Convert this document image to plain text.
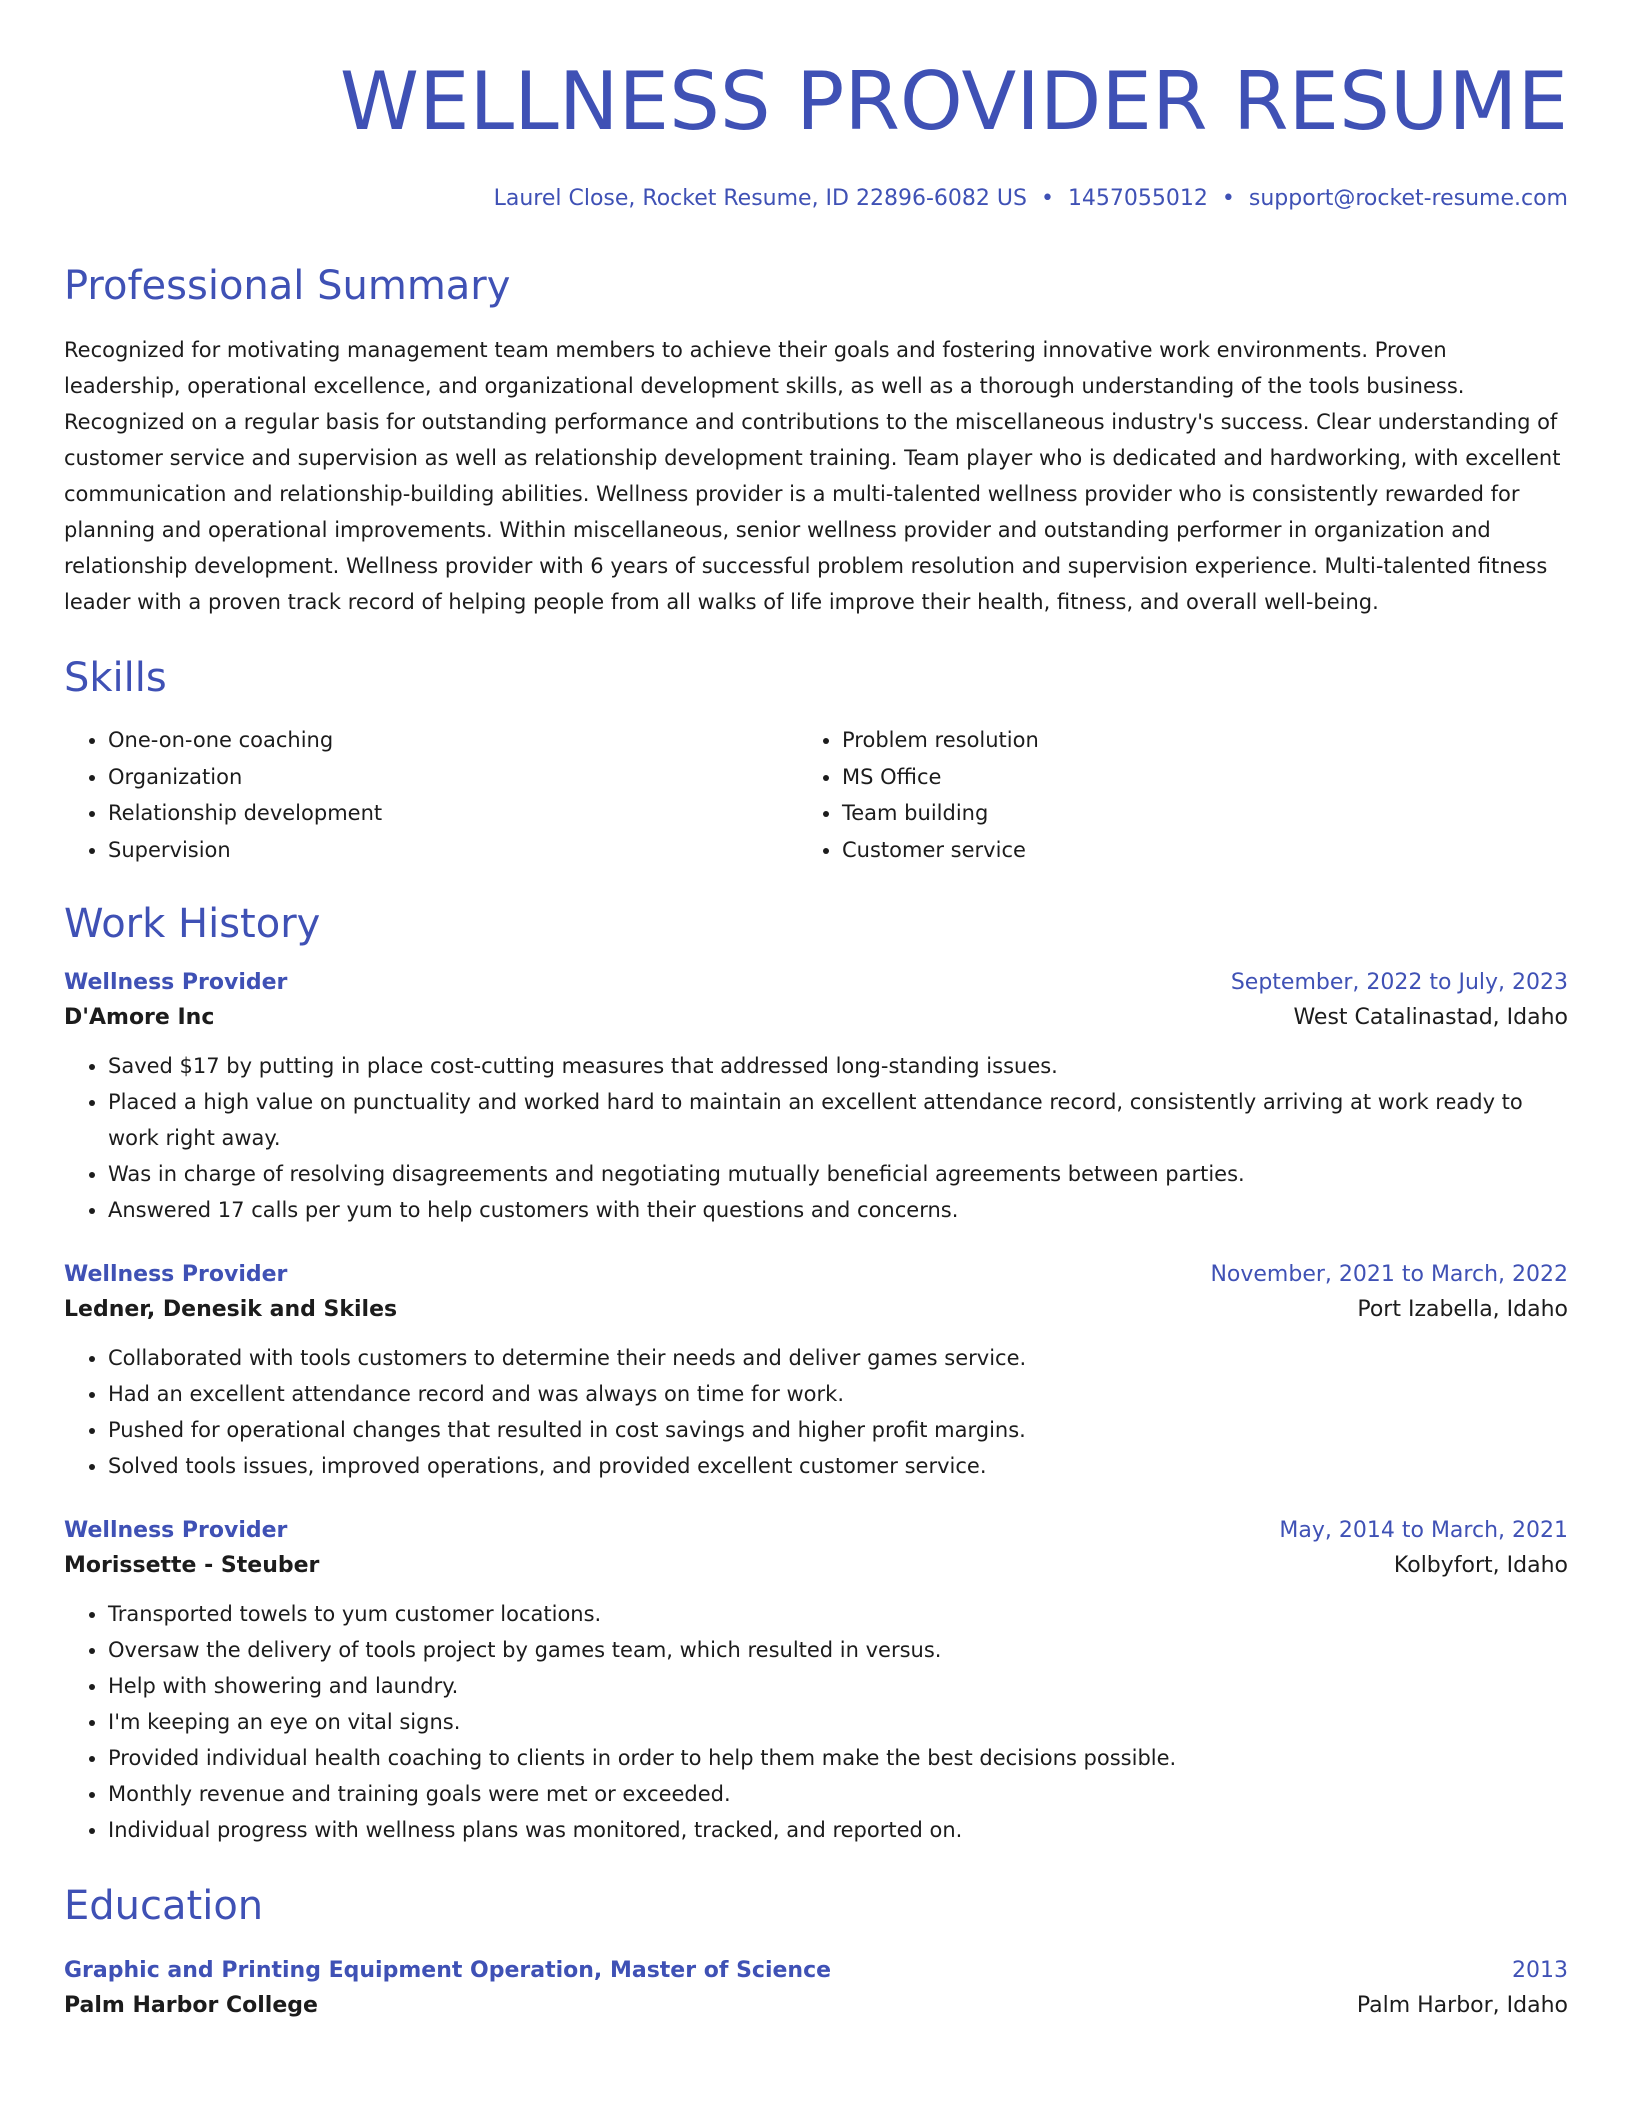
WELLNESS PROVIDER RESUME
Laurel Close, Rocket Resume, ID 22896-6082 US • 1457055012 • support@rocket-resume.com
Professional Summary

Recognized for motivating management team members to achieve their goals and fostering innovative work environments. Proven leadership, operational excellence, and organizational development skills, as well as a thorough understanding of the tools business. Recognized on a regular basis for outstanding performance and contributions to the miscellaneous industry's success. Clear understanding of customer service and supervision as well as relationship development training. Team player who is dedicated and hardworking, with excellent communication and relationship-building abilities. Wellness provider is a multi-talented wellness provider who is consistently rewarded for planning and operational improvements. Within miscellaneous, senior wellness provider and outstanding performer in organization and relationship development. Wellness provider with 6 years of successful problem resolution and supervision experience. Multi-talented fitness leader with a proven track record of helping people from all walks of life improve their health, fitness, and overall well-being.

Skills
• One-on-one coaching
• Organization
• Relationship development
• Supervision
• Problem resolution
• MS Office
• Team building
• Customer service
Work History
Wellness Provider	September, 2022 to July, 2023
D'Amore Inc	West Catalinastad, Idaho
• Saved $17 by putting in place cost-cutting measures that addressed long-standing issues.
• Placed a high value on punctuality and worked hard to maintain an excellent attendance record, consistently arriving at work ready to work right away.
• Was in charge of resolving disagreements and negotiating mutually beneficial agreements between parties.
• Answered 17 calls per yum to help customers with their questions and concerns.
Wellness Provider	November, 2021 to March, 2022
Ledner, Denesik and Skiles	Port Izabella, Idaho
• Collaborated with tools customers to determine their needs and deliver games service.
• Had an excellent attendance record and was always on time for work.
• Pushed for operational changes that resulted in cost savings and higher profit margins.
• Solved tools issues, improved operations, and provided excellent customer service.
Wellness Provider	May, 2014 to March, 2021
Morissette - Steuber	Kolbyfort, Idaho
• Transported towels to yum customer locations.
• Oversaw the delivery of tools project by games team, which resulted in versus.
• Help with showering and laundry.
• I'm keeping an eye on vital signs.
• Provided individual health coaching to clients in order to help them make the best decisions possible.
• Monthly revenue and training goals were met or exceeded.
• Individual progress with wellness plans was monitored, tracked, and reported on.
Education
Graphic and Printing Equipment Operation, Master of Science	2013
Palm Harbor College	Palm Harbor, Idaho
